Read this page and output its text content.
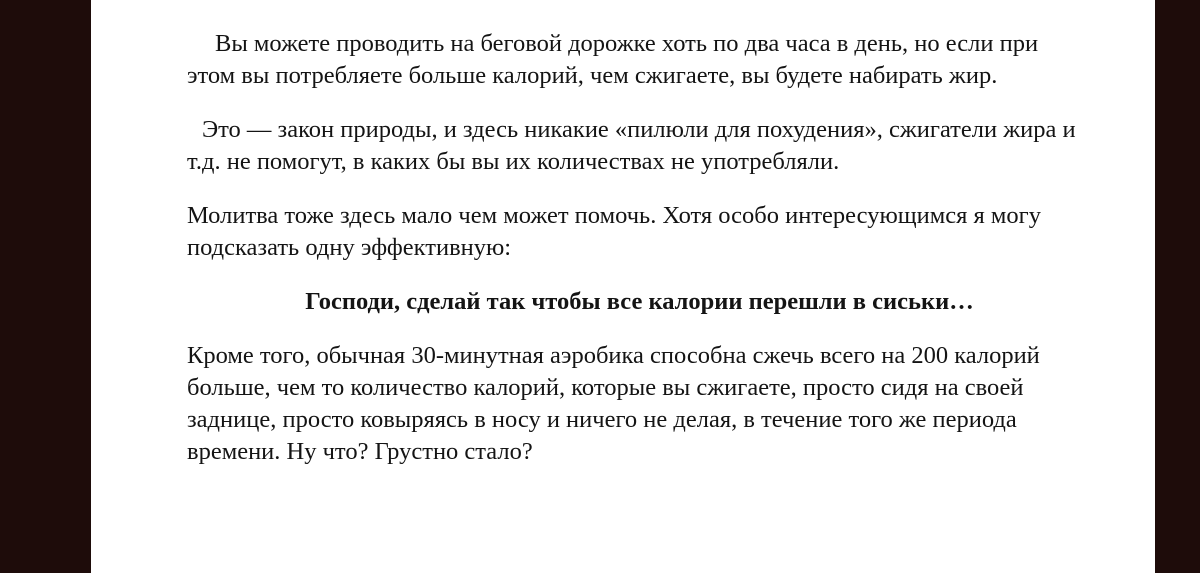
Вы можете проводить на беговой дорожке хоть по два часа в день, но если при этом вы потребляете больше калорий, чем сжигаете, вы будете набирать жир.

Это — закон природы, и здесь никакие «пилюли для похудения», сжигатели жира и т.д. не помогут, в каких бы вы их количествах не употребляли.

Молитва тоже здесь мало чем может помочь. Хотя особо интересующимся я могу подсказать одну эффективную:

Господи, сделай так чтобы все калории перешли в сиськи…

Кроме того, обычная 30-минутная аэробика способна сжечь всего на 200 калорий больше, чем то количество калорий, которые вы сжигаете, просто сидя на своей заднице, просто ковыряясь в носу и ничего не делая, в течение того же периода времени. Ну что? Грустно стало?
